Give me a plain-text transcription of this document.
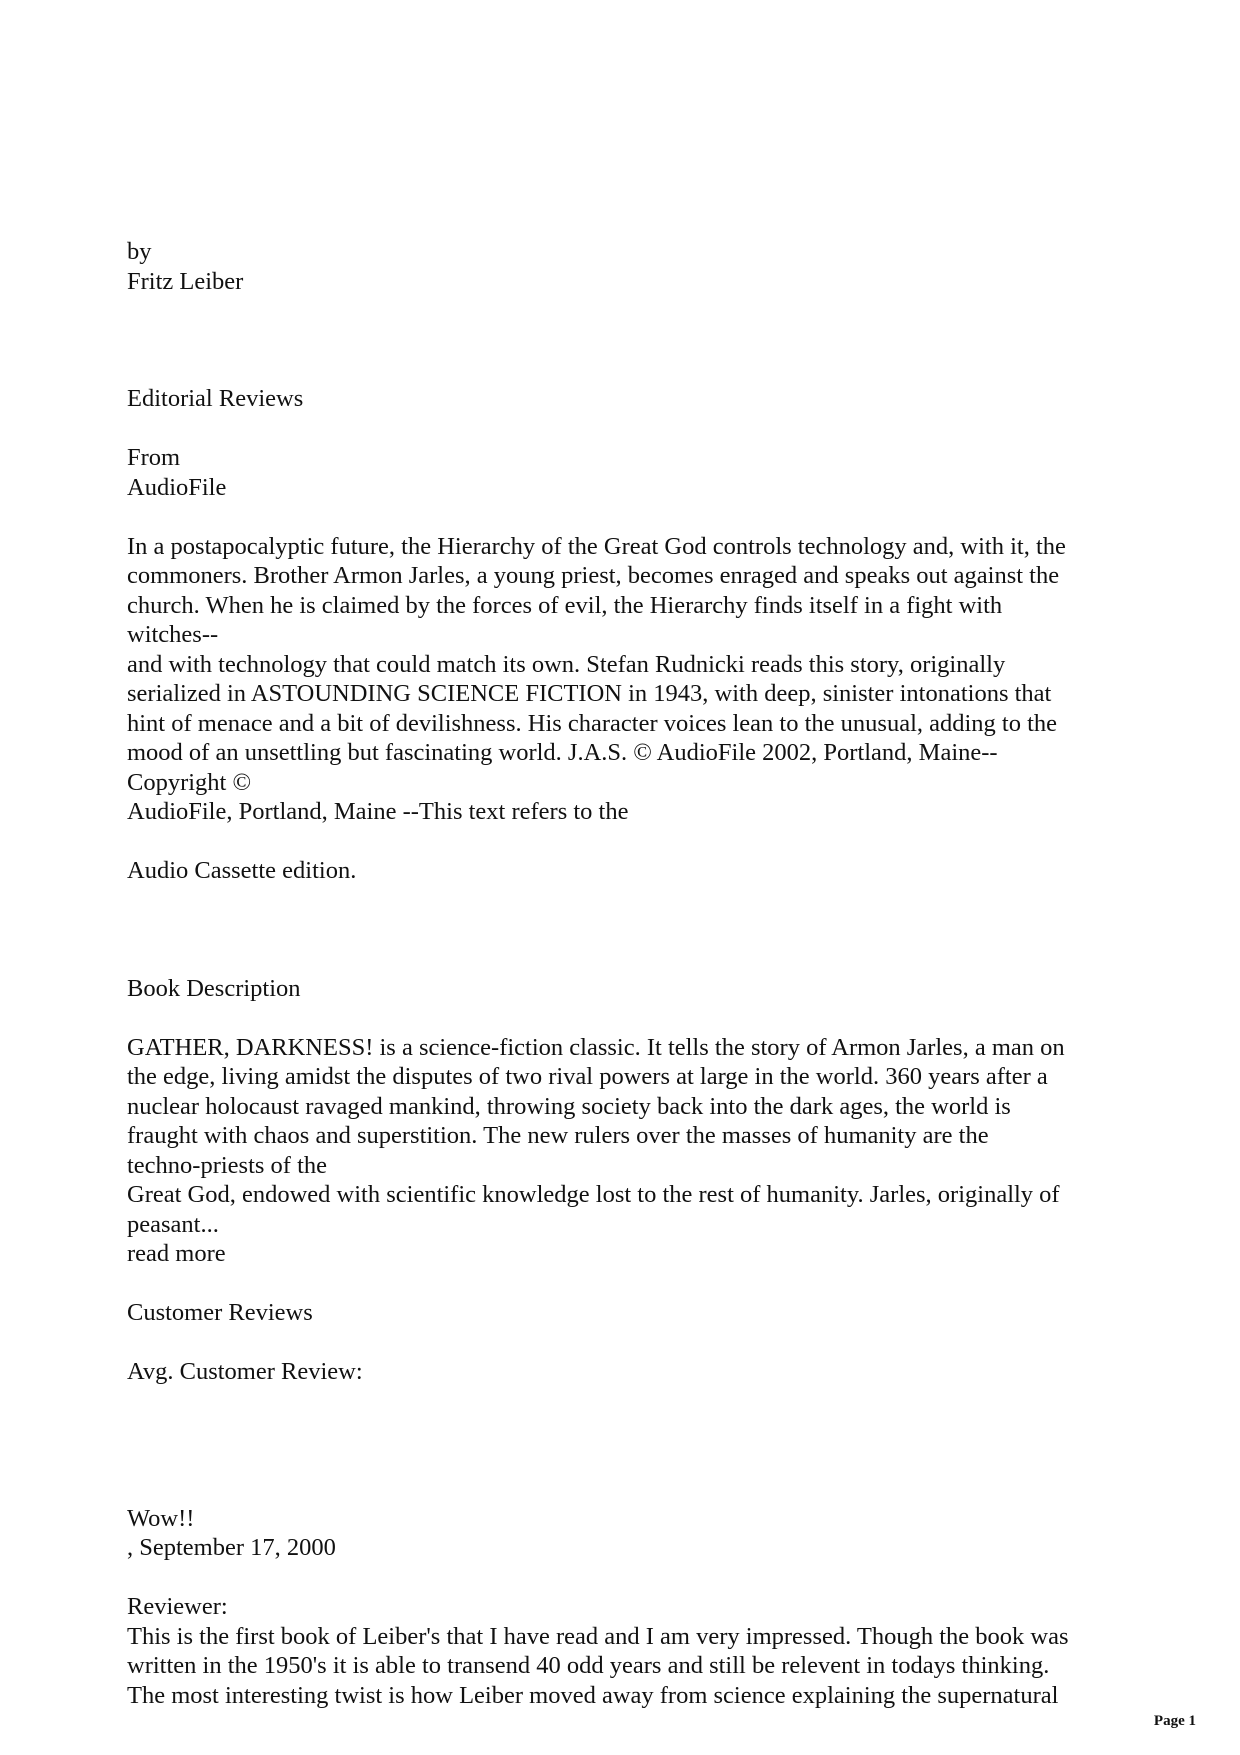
by
Fritz Leiber
Editorial Reviews
From
AudioFile
In a postapocalyptic future, the Hierarchy of the Great God controls technology and, with it, the
commoners. Brother Armon Jarles, a young priest, becomes enraged and speaks out against the
church. When he is claimed by the forces of evil, the Hierarchy finds itself in a fight with
witches--
and with technology that could match its own. Stefan Rudnicki reads this story, originally
serialized in ASTOUNDING SCIENCE FICTION in 1943, with deep, sinister intonations that
hint of menace and a bit of devilishness. His character voices lean to the unusual, adding to the
mood of an unsettling but fascinating world. J.A.S. © AudioFile 2002, Portland, Maine--
Copyright ©
AudioFile, Portland, Maine --This text refers to the
Audio Cassette edition.
Book Description
GATHER, DARKNESS! is a science-fiction classic. It tells the story of Armon Jarles, a man on
the edge, living amidst the disputes of two rival powers at large in the world. 360 years after a
nuclear holocaust ravaged mankind, throwing society back into the dark ages, the world is
fraught with chaos and superstition. The new rulers over the masses of humanity are the
techno-priests of the
Great God, endowed with scientific knowledge lost to the rest of humanity. Jarles, originally of
peasant...
read more
Customer Reviews
Avg. Customer Review:
Wow!!
, September 17, 2000
Reviewer:
This is the first book of Leiber's that I have read and I am very impressed. Though the book was
written in the 1950's it is able to transend 40 odd years and still be relevent in todays thinking.
The most interesting twist is how Leiber moved away from science explaining the supernatural
Page 1
